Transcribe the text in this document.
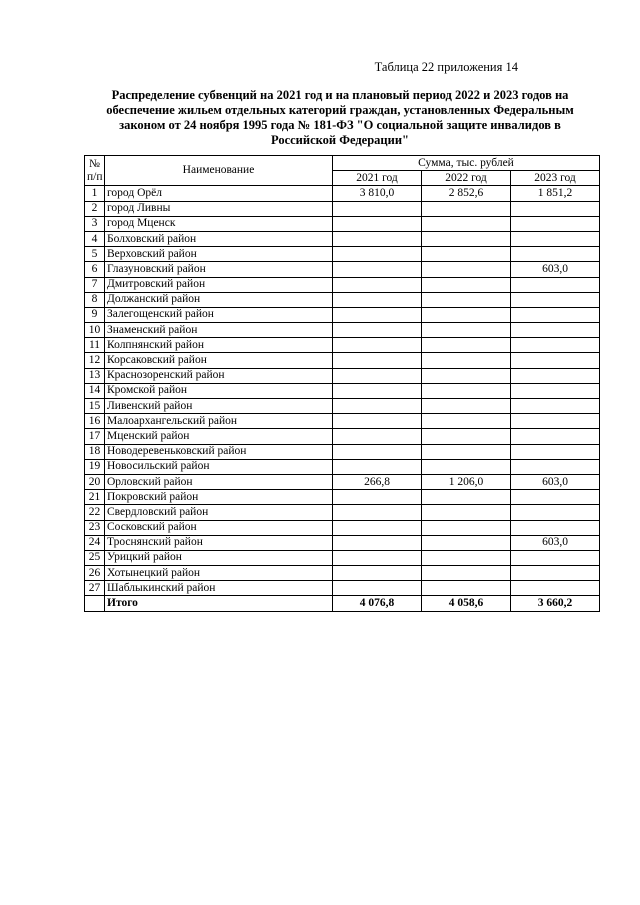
Таблица 22 приложения 14
Распределение субвенций на 2021 год и на плановый период 2022 и 2023 годов на обеспечение жильем отдельных категорий граждан, установленных Федеральным законом от 24 ноября 1995 года № 181-ФЗ "О социальной защите инвалидов в Российской Федерации"
№
п/п	Наименование	Сумма, тыс. рублей		
		2021 год	2022 год	2023 год
1	город Орёл	3 810,0	2 852,6	1 851,2
2	город Ливны			
3	город Мценск			
4	Болховский район			
5	Верховский район			
6	Глазуновский район			603,0
7	Дмитровский район			
8	Должанский район			
9	Залегощенский район			
10	Знаменский район			
11	Колпнянский район			
12	Корсаковский район			
13	Краснозоренский район			
14	Кромской район			
15	Ливенский район			
16	Малоархангельский район			
17	Мценский район			
18	Новодеревеньковский район			
19	Новосильский район			
20	Орловский район	266,8	1 206,0	603,0
21	Покровский район			
22	Свердловский район			
23	Сосковский район			
24	Троснянский район			603,0
25	Урицкий район			
26	Хотынецкий район			
27	Шаблыкинский район			
	Итого	4 076,8	4 058,6	3 660,2
